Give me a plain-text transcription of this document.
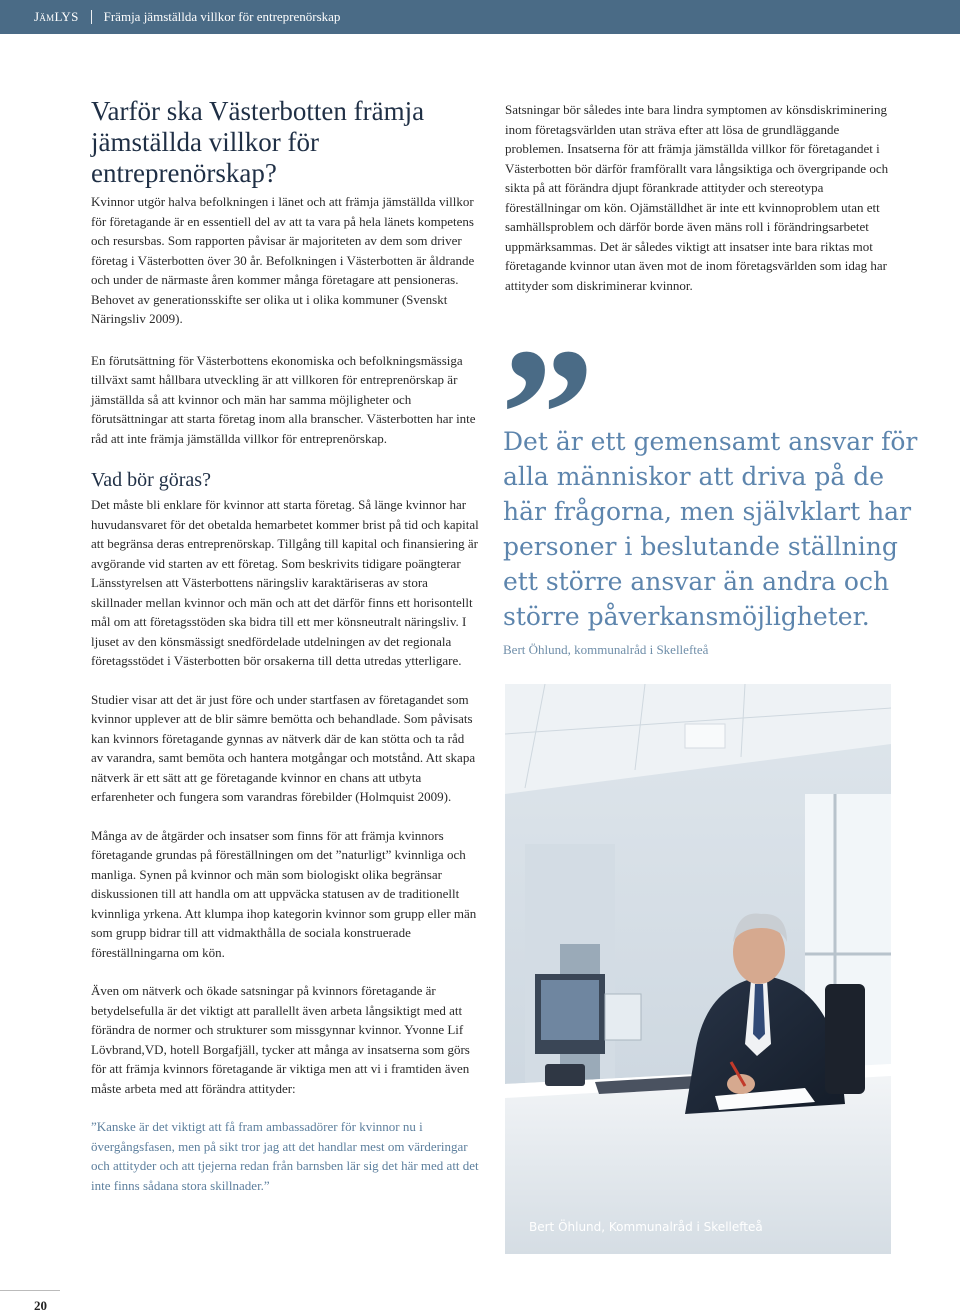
JämLYS Främja jämställda villkor för entreprenörskap
Varför ska Västerbotten främja jämställda villkor för entreprenörskap?

Kvinnor utgör halva befolkningen i länet och att främja jämställda villkor för företagande är en essentiell del av att ta vara på hela länets kompetens och resursbas. Som rapporten påvisar är majoriteten av dem som driver företag i Västerbotten över 30 år. Befolkningen i Västerbotten är åldrande och under de närmaste åren kommer många företagare att pensioneras. Behovet av generationsskifte ser olika ut i olika kommuner (Svenskt Näringsliv 2009).

En förutsättning för Västerbottens ekonomiska och befolkningsmässiga tillväxt samt hållbara utveckling är att villkoren för entreprenörskap är jämställda så att kvinnor och män har samma möjligheter och förutsättningar att starta företag inom alla branscher. Västerbotten har inte råd att inte främja jämställda villkor för entreprenörskap.

Vad bör göras?

Det måste bli enklare för kvinnor att starta företag. Så länge kvinnor har huvudansvaret för det obetalda hemarbetet kommer brist på tid och kapital att begränsa deras entreprenörskap. Tillgång till kapital och finansiering är avgörande vid starten av ett företag. Som beskrivits tidigare poängterar Länsstyrelsen att Västerbottens näringsliv karaktäriseras av stora skillnader mellan kvinnor och män och att det därför finns ett horisontellt mål om att företagsstöden ska bidra till ett mer könsneutralt näringsliv. I ljuset av den könsmässigt snedfördelade utdelningen av det regionala företagsstödet i Västerbotten bör orsakerna till detta utredas ytterligare.

Studier visar att det är just före och under startfasen av företagandet som kvinnor upplever att de blir sämre bemötta och behandlade. Som påvisats kan kvinnors företagande gynnas av nätverk där de kan stötta och ta råd av varandra, samt bemöta och hantera motgångar och motstånd. Att skapa nätverk är ett sätt att ge företagande kvinnor en chans att utbyta erfarenheter och fungera som varandras förebilder (Holmquist 2009).

Många av de åtgärder och insatser som finns för att främja kvinnors företagande grundas på föreställningen om det ”naturligt” kvinnliga och manliga. Synen på kvinnor och män som biologiskt olika begränsar diskussionen till att handla om att uppväcka statusen av de traditionellt kvinnliga yrkena. Att klumpa ihop kategorin kvinnor som grupp eller män som grupp bidrar till att vidmakthålla de sociala konstruerade föreställningarna om kön.

Även om nätverk och ökade satsningar på kvinnors företagande är betydelsefulla är det viktigt att parallellt även arbeta långsiktigt med att förändra de normer och strukturer som missgynnar kvinnor. Yvonne Lif Lövbrand,VD, hotell Borgafjäll, tycker att många av insatserna som görs för att främja kvinnors företagande är viktiga men att vi i framtiden även måste arbeta med att förändra attityder:

”Kanske är det viktigt att få fram ambassadörer för kvinnor nu i övergångsfasen, men på sikt tror jag att det handlar mest om värderingar och attityder och att tjejerna redan från barnsben lär sig det här med att det inte finns sådana stora skillnader.”

Satsningar bör således inte bara lindra symptomen av könsdiskriminering inom företagsvärlden utan sträva efter att lösa de grundläggande problemen. Insatserna för att främja jämställda villkor för företagandet i Västerbotten bör därför framförallt vara långsiktiga och övergripande och sikta på att förändra djupt förankrade attityder och stereotypa föreställningar om kön. Ojämställdhet är inte ett kvinnoproblem utan ett samhällsproblem och därför borde även mäns roll i förändringsarbetet uppmärksammas. Det är således viktigt att insatser inte bara riktas mot företagande kvinnor utan även mot de inom företagsvärlden som idag har attityder som diskriminerar kvinnor.

”
Det är ett gemensamt ansvar för alla människor att driva på de här frågorna, men självklart har personer i beslutande ställning ett större ansvar än andra och större påverkansmöjligheter.
Bert Öhlund, kommunalråd i Skellefteå
Bert Öhlund, Kommunalråd i Skellefteå
20
